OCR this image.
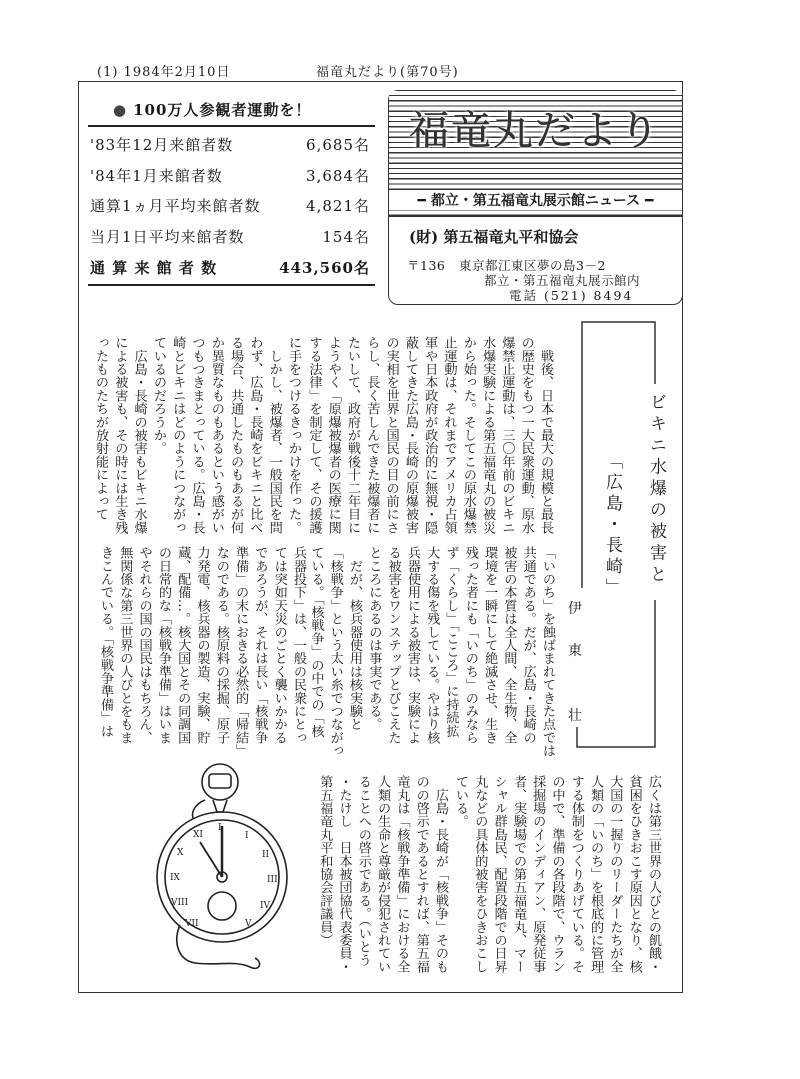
(1) 1984年2月10日	福竜丸だより(第70号)
● 100万人参観者運動を！
'83年12月来館者数	6,685名
'84年1月来館者数	3,684名
通算1ヵ月平均来館者数	4,821名
当月1日平均来館者数	154名
通 算 来 館 者 数	443,560名
福竜丸だより
━ 都立・第五福竜丸展示館ニュース ━
(財) 第五福竜丸平和協会
〒136 東京都江東区夢の島3－2
都立・第五福竜丸展示館内
電話 (521) 8494
ビキニ水爆の被害と
「広島・長崎」
伊
東
壮
　戦後、日本で最大の規模と最長
の歴史をもつ一大民衆運動、原水
爆禁止運動は、三〇年前のビキニ
水爆実験による第五福竜丸の被災
から始った。そしてこの原水爆禁
止運動は、それまでアメリカ占領
軍や日本政府が政治的に無視・隠
蔽してきた広島・長崎の原爆被害
の実相を世界と国民の目の前にさ
らし、長く苦しんできた被爆者に
たいして、政府が戦後十二年目に
ようやく「原爆被爆者の医療に関
する法律」を制定して、その援護
に手をつけるきっかけを作った。
　しかし、被爆者、一般国民を問
わず、広島・長崎をビキニと比べ
る場合、共通したものもあるが何
か異質なものもあるという感がい
つもつきまとっている。広島・長
崎とビキニはどのようにつながっ
ているのだろうか。
　広島・長崎の被害もビキニ水爆
による被害も、その時には生き残
ったものたちが放射能によって
「いのち」を蝕ばまれてきた点では
共通である。だが、広島・長崎の
被害の本質は全人間、全生物、全
環境を一瞬にして絶滅させ、生き
残った者にも「いのち」のみなら
ず「くらし」「こころ」に持続拡
大する傷を残している。やはり核
兵器使用による被害は、実験によ
る被害をワンステップとびこえた
ところにあるのは事実である。
　だが、核兵器使用は核実験と
「核戦争」という太い糸でつながっ
ている。「核戦争」の中での「核
兵器投下」は、一般の民衆にとっ
ては突如天災のごとく襲いかかる
であろうが、それは長い「核戦争
準備」の末におきる必然的「帰結」
なのである。核原料の採掘、原子
力発電、核兵器の製造、実験、貯
蔵、配備…。核大国とその同調国
の日常的な「核戦争準備」はいま
やそれらの国の国民はもちろん、
無関係な第三世界の人びとをもま
きこんでいる。「核戦争準備」は
広くは第三世界の人びとの飢餓・
貧困をひきおこす原因となり、核
大国の一握りのリーダーたちが全
人類の「いのち」を根底的に管理
する体制をつくりあげている。そ
の中で、準備の各段階で、ウラン
採掘場のインディアン、原発従事
者、実験場での第五福竜丸、マー
シャル群島民、配置段階での日昇
丸などの具体的被害をひきおこし
ている。
　広島・長崎が「核戦争」そのも
のの啓示であるとすれば、第五福
竜丸は「核戦争準備」における全
人類の生命と尊厳が侵犯されてい
ることへの啓示である。（いとう
・たけし　日本被団協代表委員・
第五福竜丸平和協会評議員）
I
I
II
III
IV
V
VII
VIII
IX
X
XI
